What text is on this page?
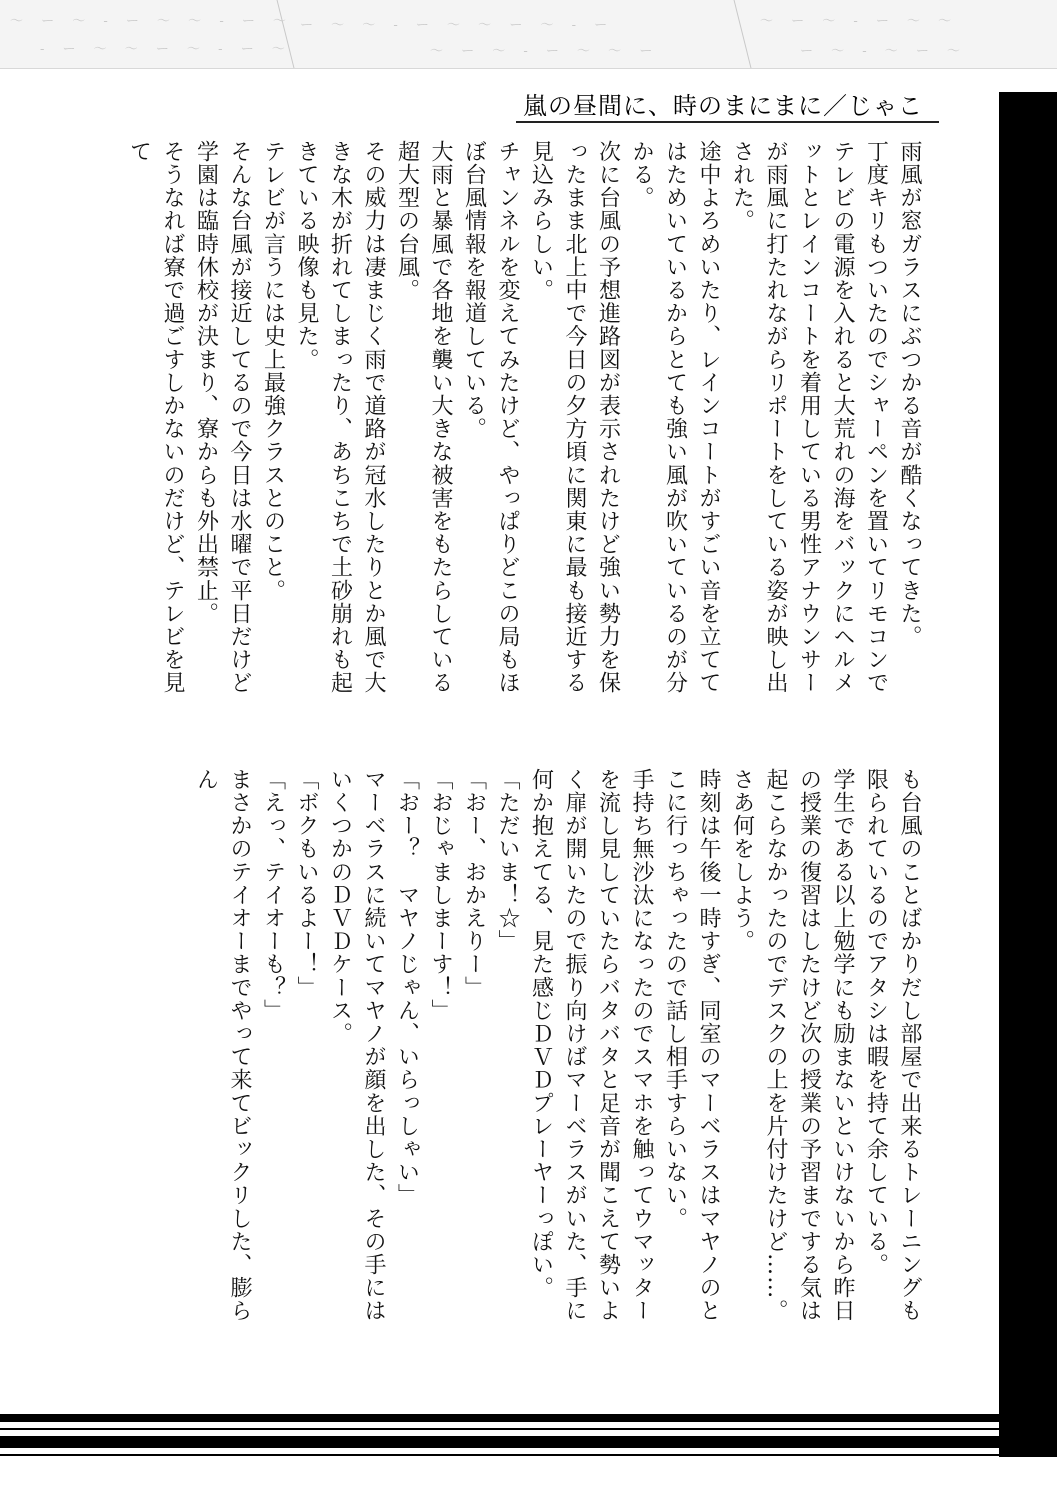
〜 ー ～ ‐ ー 〜 ～ ‐ ー ～ ー ～ 〜 ‐ ー ～ 〜 ー ～ ‐ ー	～ ー 〜 ‐ ー ～ 〜
‐ ー ～ 〜 ー ～ ‐ ー 〜	〜 ー ～ ‐ ー 〜 ～ ー	ー ～ ‐ 〜 ー ～
嵐の昼間に、時のまにまに／じゃこ

雨風が窓ガラスにぶつかる音が酷くなってきた。

丁度キリもついたのでシャーペンを置いてリモコンでテレビの電源を入れると大荒れの海をバックにヘルメットとレインコートを着用している男性アナウンサーが雨風に打たれながらリポートをしている姿が映し出された。

途中よろめいたり、レインコートがすごい音を立ててはためいているからとても強い風が吹いているのが分かる。

次に台風の予想進路図が表示されたけど強い勢力を保ったまま北上中で今日の夕方頃に関東に最も接近する見込みらしい。

チャンネルを変えてみたけど、やっぱりどこの局もほぼ台風情報を報道している。

大雨と暴風で各地を襲い大きな被害をもたらしている超大型の台風。

その威力は凄まじく雨で道路が冠水したりとか風で大きな木が折れてしまったり、あちこちで土砂崩れも起きている映像も見た。

テレビが言うには史上最強クラスとのこと。

そんな台風が接近してるので今日は水曜で平日だけど学園は臨時休校が決まり、寮からも外出禁止。

そうなれば寮で過ごすしかないのだけど、テレビを見て

も台風のことばかりだし部屋で出来るトレーニングも限られているのでアタシは暇を持て余している。

学生である以上勉学にも励まないといけないから昨日の授業の復習はしたけど次の授業の予習までする気は起こらなかったのでデスクの上を片付けたけど……。

さあ何をしよう。

時刻は午後一時すぎ、同室のマーベラスはマヤノのとこに行っちゃったので話し相手すらいない。

手持ち無沙汰になったのでスマホを触ってウマッターを流し見していたらバタバタと足音が聞こえて勢いよく扉が開いたので振り向けばマーベラスがいた、手に何か抱えてる、見た感じＤＶＤプレーヤーっぽい。

「ただいま！☆」

「おー、おかえりー」

「おじゃましまーす！」

「おー？　マヤノじゃん、いらっしゃい」

マーベラスに続いてマヤノが顔を出した、その手にはいくつかのＤＶＤケース。

「ボクもいるよー！」

「えっ、テイオーも？」

まさかのテイオーまでやって来てビックリした、膨らん
